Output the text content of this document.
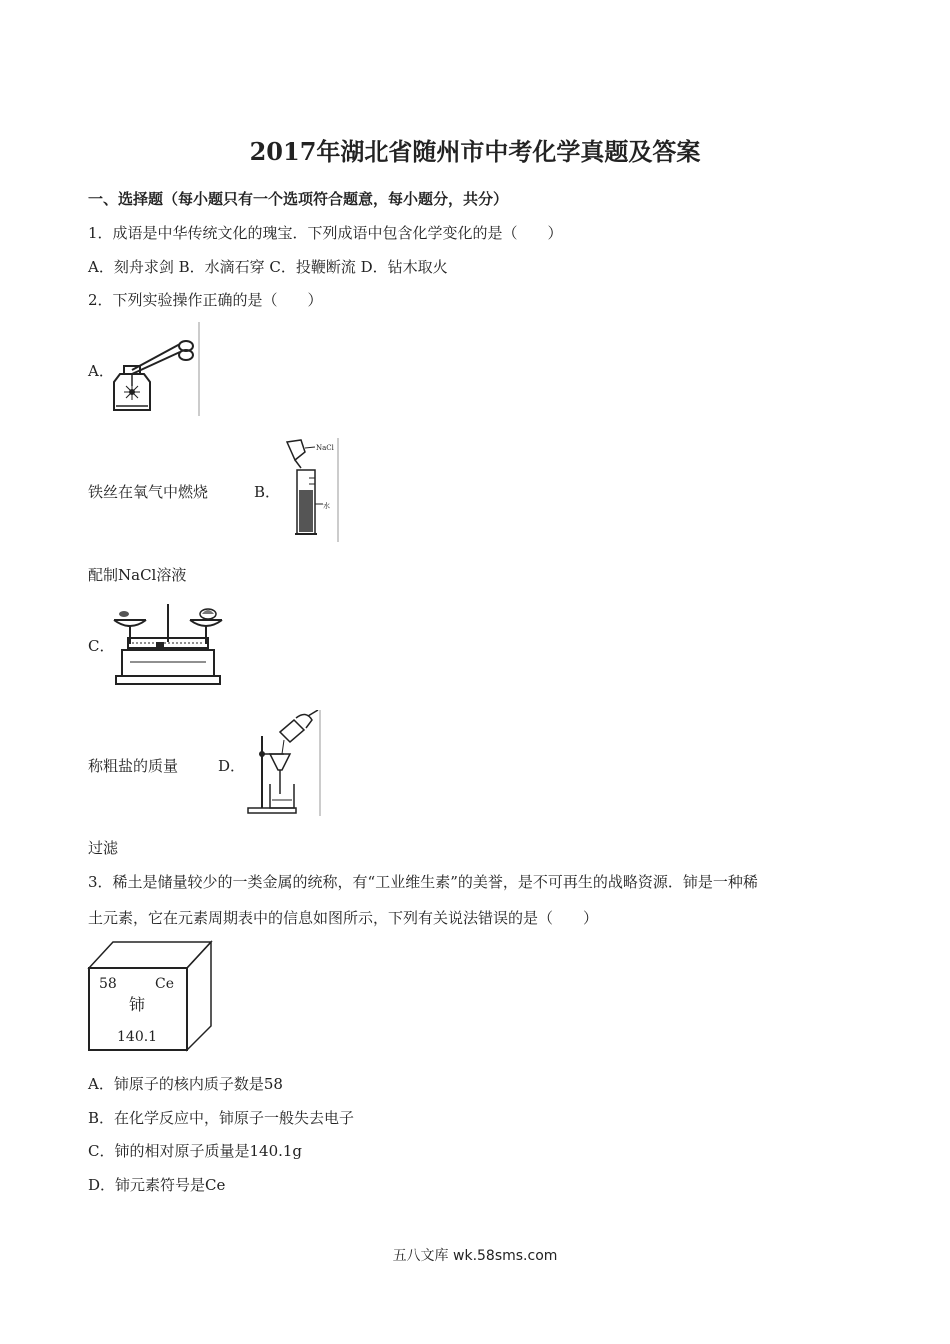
2017年湖北省随州市中考化学真题及答案
一、选择题（每小题只有一个选项符合题意，每小题分，共分）
1．成语是中华传统文化的瑰宝．下列成语中包含化学变化的是（　　）
A．刻舟求剑 B．水滴石穿 C．投鞭断流 D．钻木取火
2．下列实验操作正确的是（　　）
A．
铁丝在氧气中燃烧	B．
NaCl
水
配制NaCl溶液
C．
称粗盐的质量	D．
过滤
3．稀土是储量较少的一类金属的统称，有“工业维生素”的美誉，是不可再生的战略资源．铈是一种稀
土元素，它在元素周期表中的信息如图所示，下列有关说法错误的是（　　）
58	Ce
铈
140.1
A．铈原子的核内质子数是58
B．在化学反应中，铈原子一般失去电子
C．铈的相对原子质量是140.1g
D．铈元素符号是Ce
五八文库 wk.58sms.com
